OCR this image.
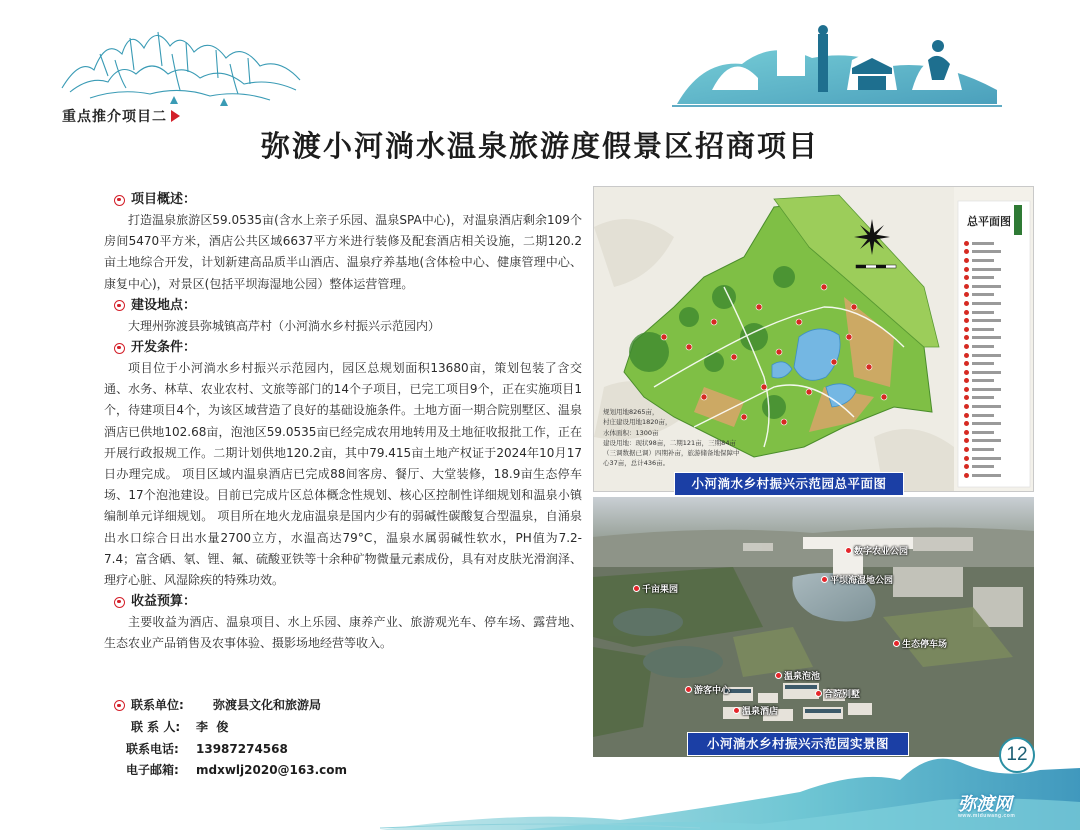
重点推介项目二
弥渡小河淌水温泉旅游度假景区招商项目
项目概述：

打造温泉旅游区59.0535亩(含水上亲子乐园、温泉SPA中心)，对温泉酒店剩余109个房间5470平方米，酒店公共区域6637平方米进行装修及配套酒店相关设施，二期120.2亩土地综合开发，计划新建高品质半山酒店、温泉疗养基地(含体检中心、健康管理中心、康复中心)，对景区(包括平坝海湿地公园）整体运营管理。

建设地点：

大理州弥渡县弥城镇高芹村（小河淌水乡村振兴示范园内）

开发条件：

项目位于小河淌水乡村振兴示范园内，园区总规划面积13680亩，策划包装了含交通、水务、林草、农业农村、文旅等部门的14个子项目，已完工项目9个，正在实施项目1个，待建项目4个，为该区域营造了良好的基础设施条件。土地方面一期合院别墅区、温泉酒店已供地102.68亩，泡池区59.0535亩已经完成农用地转用及土地征收报批工作，正在开展行政报规工作。二期计划供地120.2亩，其中79.415亩土地产权证于2024年10月17日办理完成。 项目区域内温泉酒店已完成88间客房、餐厅、大堂装修，18.9亩生态停车场、17个泡池建设。目前已完成片区总体概念性规划、核心区控制性详细规划和温泉小镇编制单元详细规划。 项目所在地火龙庙温泉是国内少有的弱碱性碳酸复合型温泉，自涌泉出水口综合日出水量2700立方，水温高达79°C，温泉水属弱碱性软水，PH值为7.2-7.4；富含硒、氡、锂、氟、硫酸亚铁等十余种矿物微量元素成份，具有对皮肤光滑润泽、理疗心脏、风湿除疾的特殊功效。

收益预算：

主要收益为酒店、温泉项目、水上乐园、康养产业、旅游观光车、停车场、露营地、生态农业产品销售及农事体验、摄影场地经营等收入。

联系单位:	弥渡县文化和旅游局
联 系 人:	李  俊
联系电话:	13987274568
电子邮箱:	mdxwlj2020@163.com
总平面图
规划用地8265亩，
村庄建设用地1820亩，
水体面积：1300亩
建设用地：现状98亩，二期121亩，三期84亩
（三调数据已调）四期补亩，旅游储备地保障中
心37亩，总计436亩。
小河淌水乡村振兴示范园总平面图
数字农业公园
平坝海湿地公园
千亩果园
游客中心
温泉酒店
温泉泡池
合院别墅
生态停车场
小河淌水乡村振兴示范园实景图
12
弥渡网
www.miduwang.com
